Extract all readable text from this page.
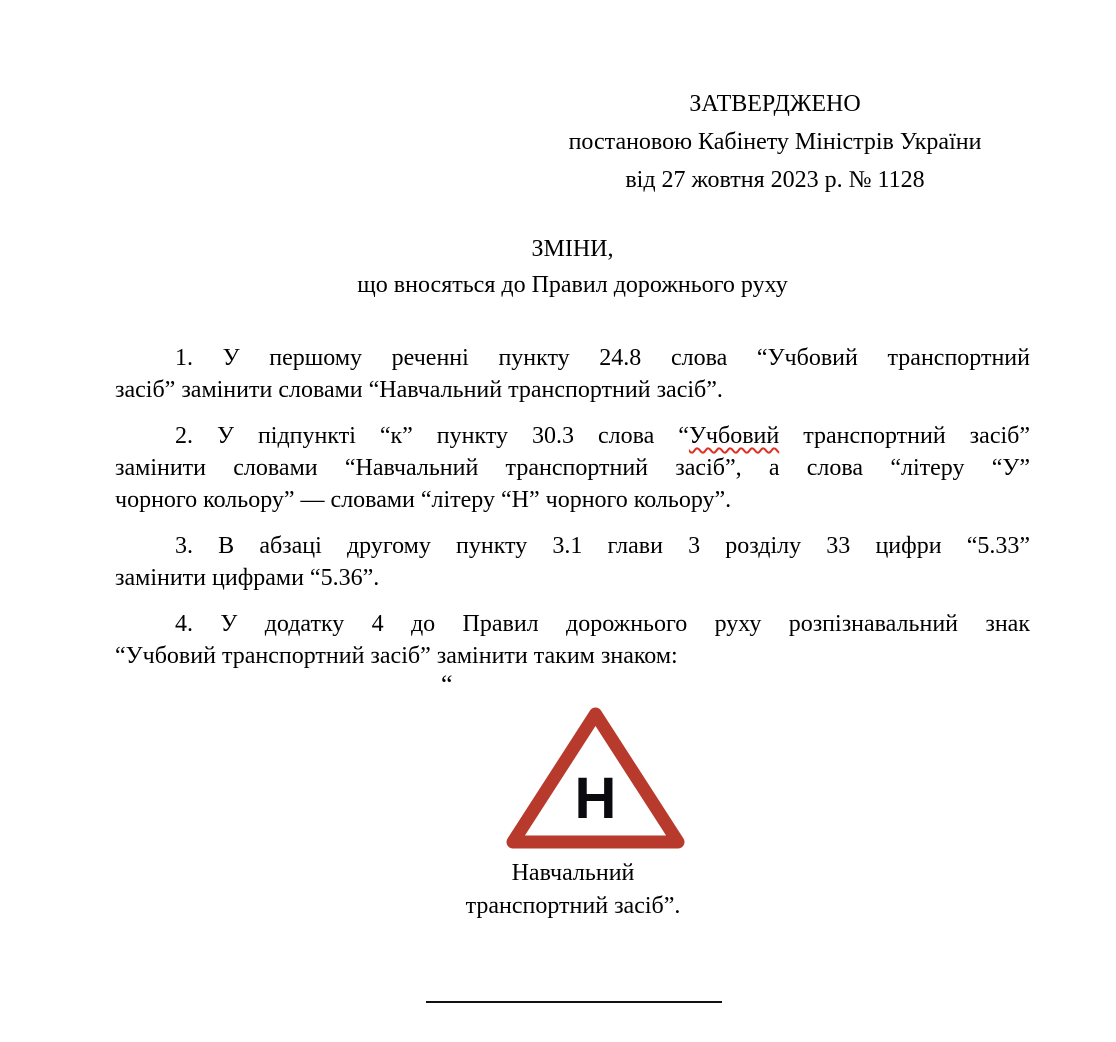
ЗАТВЕРДЖЕНО
постановою Кабінету Міністрів України
від 27 жовтня 2023 р. № 1128
ЗМІНИ,
що вносяться до Правил дорожнього руху
1. У першому реченні пункту 24.8 слова “Учбовий транспортний
засіб” замінити словами “Навчальний транспортний засіб”.
2. У підпункті “к” пункту 30.3 слова “Учбовий транспортний засіб”
замінити словами “Навчальний транспортний засіб”, а слова “літеру “У”
чорного кольору” — словами “літеру “Н” чорного кольору”.
3. В абзаці другому пункту 3.1 глави 3 розділу 33 цифри “5.33”
замінити цифрами “5.36”.
4. У додатку 4 до Правил дорожнього руху розпізнавальний знак
“Учбовий транспортний засіб” замінити таким знаком:
“
Н
Навчальний
транспортний засіб”.
